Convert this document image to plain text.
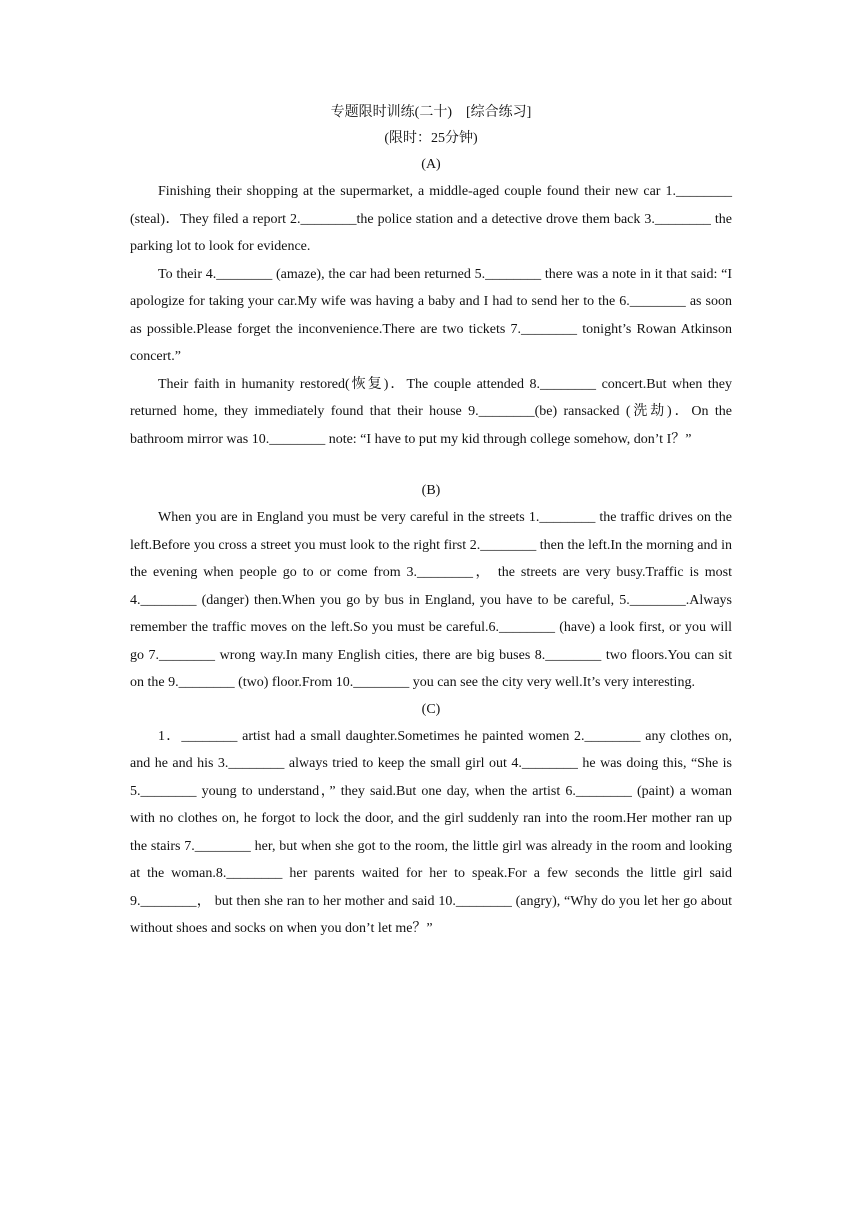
专题限时训练(二十) [综合练习]

(限时：25分钟)

(A)

Finishing their shopping at the supermarket, a middle-aged couple found their new car 1.________ (steal)．They filed a report 2.________the police station and a detective drove them back 3.________ the parking lot to look for evidence.

To their 4.________ (amaze), the car had been returned 5.________ there was a note in it that said: “I apologize for taking your car.My wife was having a baby and I had to send her to the 6.________ as soon as possible.Please forget the inconvenience.There are two tickets 7.________ tonight’s Rowan Atkinson concert.”

Their faith in humanity restored(恢复)．The couple attended 8.________ concert.But when they returned home, they immediately found that their house 9.________(be) ransacked (洗劫)．On the bathroom mirror was 10.________ note: “I have to put my kid through college somehow, don’t I？”

(B)

When you are in England you must be very careful in the streets 1.________ the traffic drives on the left.Before you cross a street you must look to the right first 2.________ then the left.In the morning and in the evening when people go to or come from 3.________， the streets are very busy.Traffic is most 4.________ (danger) then.When you go by bus in England, you have to be careful, 5.________.Always remember the traffic moves on the left.So you must be careful.6.________ (have) a look first, or you will go 7.________ wrong way.In many English cities, there are big buses 8.________ two floors.You can sit on the 9.________ (two) floor.From 10.________ you can see the city very well.It’s very interesting.

(C)

1．________ artist had a small daughter.Sometimes he painted women 2.________ any clothes on, and he and his 3.________ always tried to keep the small girl out 4.________ he was doing this, “She is 5.________ young to understand，” they said.But one day, when the artist 6.________ (paint) a woman with no clothes on, he forgot to lock the door, and the girl suddenly ran into the room.Her mother ran up the stairs 7.________ her, but when she got to the room, the little girl was already in the room and looking at the woman.8.________ her parents waited for her to speak.For a few seconds the little girl said 9.________， but then she ran to her mother and said 10.________ (angry), “Why do you let her go about without shoes and socks on when you don’t let me？”
